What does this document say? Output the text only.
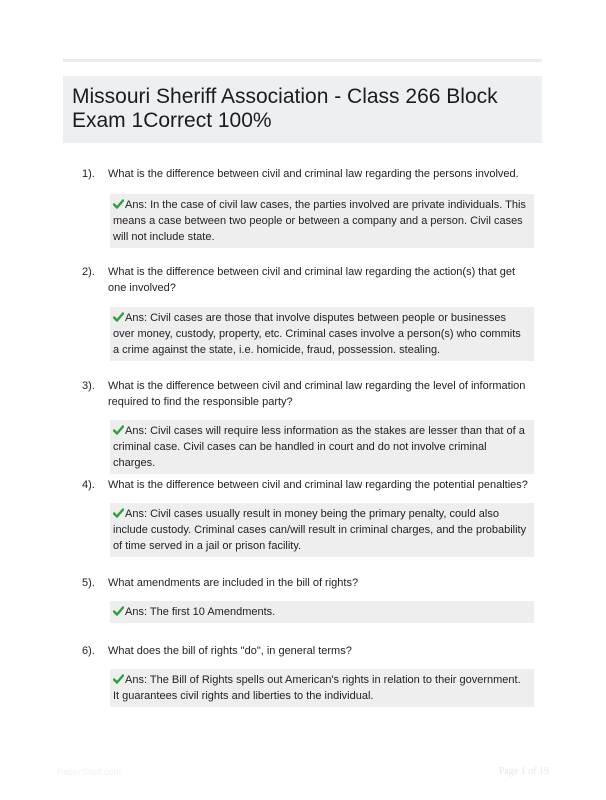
Missouri Sheriff Association - Class 266 Block Exam 1Correct 100%
1). What is the difference between civil and criminal law regarding the persons involved.
Ans: In the case of civil law cases, the parties involved are private individuals. This means a case between two people or between a company and a person. Civil cases will not include state.
2). What is the difference between civil and criminal law regarding the action(s) that get one involved?
Ans: Civil cases are those that involve disputes between people or businesses over money, custody, property, etc. Criminal cases involve a person(s) who commits a crime against the state, i.e. homicide, fraud, possession. stealing.
3). What is the difference between civil and criminal law regarding the level of information required to find the responsible party?
Ans: Civil cases will require less information as the stakes are lesser than that of a criminal case. Civil cases can be handled in court and do not involve criminal charges.
4). What is the difference between civil and criminal law regarding the potential penalties?
Ans: Civil cases usually result in money being the primary penalty, could also include custody. Criminal cases can/will result in criminal charges, and the probability of time served in a jail or prison facility.
5). What amendments are included in the bill of rights?
Ans: The first 10 Amendments.
6). What does the bill of rights "do", in general terms?
Ans: The Bill of Rights spells out American's rights in relation to their government. It guarantees civil rights and liberties to the individual.
PaperShelf.com	Page 1 of 19
